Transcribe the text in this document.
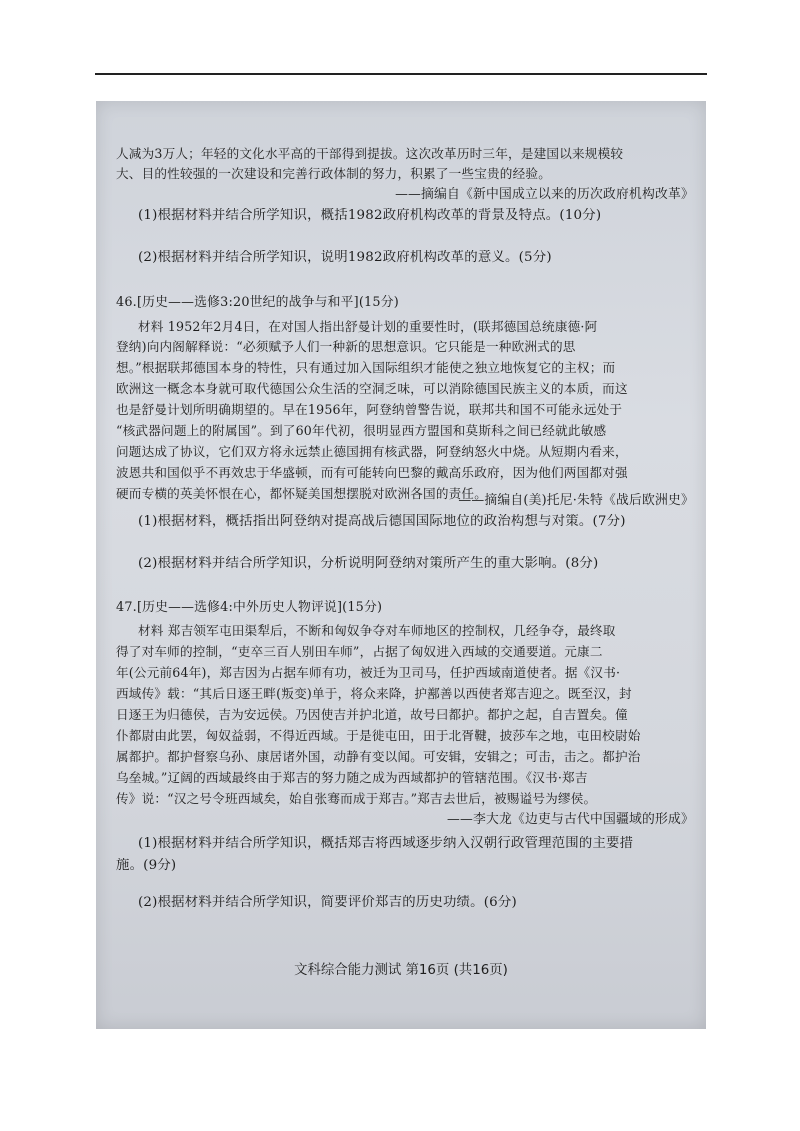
人减为3万人；年轻的文化水平高的干部得到提拔。这次改革历时三年，是建国以来规模较
大、目的性较强的一次建设和完善行政体制的努力，积累了一些宝贵的经验。
——摘编自《新中国成立以来的历次政府机构改革》
(1)根据材料并结合所学知识，概括1982政府机构改革的背景及特点。(10分)
(2)根据材料并结合所学知识，说明1982政府机构改革的意义。(5分)
46.[历史——选修3:20世纪的战争与和平](15分)
材料 1952年2月4日，在对国人指出舒曼计划的重要性时，(联邦德国总统康德·阿
登纳)向内阁解释说：“必须赋予人们一种新的思想意识。它只能是一种欧洲式的思
想。”根据联邦德国本身的特性，只有通过加入国际组织才能使之独立地恢复它的主权；而
欧洲这一概念本身就可取代德国公众生活的空洞乏味，可以消除德国民族主义的本质，而这
也是舒曼计划所明确期望的。早在1956年，阿登纳曾警告说，联邦共和国不可能永远处于
“核武器问题上的附属国”。到了60年代初，很明显西方盟国和莫斯科之间已经就此敏感
问题达成了协议，它们双方将永远禁止德国拥有核武器，阿登纳怒火中烧。从短期内看来，
波恩共和国似乎不再效忠于华盛顿，而有可能转向巴黎的戴高乐政府，因为他们两国都对强
硬而专横的英美怀恨在心，都怀疑美国想摆脱对欧洲各国的责任。
——摘编自(美)托尼·朱特《战后欧洲史》
(1)根据材料，概括指出阿登纳对提高战后德国国际地位的政治构想与对策。(7分)
(2)根据材料并结合所学知识，分析说明阿登纳对策所产生的重大影响。(8分)
47.[历史——选修4:中外历史人物评说](15分)
材料 郑吉领军屯田渠犁后，不断和匈奴争夺对车师地区的控制权，几经争夺，最终取
得了对车师的控制，“吏卒三百人别田车师”，占据了匈奴进入西域的交通要道。元康二
年(公元前64年)，郑吉因为占据车师有功，被迁为卫司马，任护西域南道使者。据《汉书·
西域传》载：“其后日逐王畔(叛变)单于，将众来降，护鄯善以西使者郑吉迎之。既至汉，封
日逐王为归德侯，吉为安远侯。乃因使吉并护北道，故号曰都护。都护之起，自吉置矣。僮
仆都尉由此罢，匈奴益弱，不得近西域。于是徙屯田，田于北胥鞬，披莎车之地，屯田校尉始
属都护。都护督察乌孙、康居诸外国，动静有变以闻。可安辑，安辑之；可击，击之。都护治
乌垒城。”辽阔的西域最终由于郑吉的努力随之成为西域都护的管辖范围。《汉书·郑吉
传》说：“汉之号令班西域矣，始自张骞而成于郑吉。”郑吉去世后，被赐谥号为缪侯。
——李大龙《边吏与古代中国疆域的形成》
(1)根据材料并结合所学知识，概括郑吉将西域逐步纳入汉朝行政管理范围的主要措
施。(9分)
(2)根据材料并结合所学知识，简要评价郑吉的历史功绩。(6分)
文科综合能力测试 第16页 (共16页)
